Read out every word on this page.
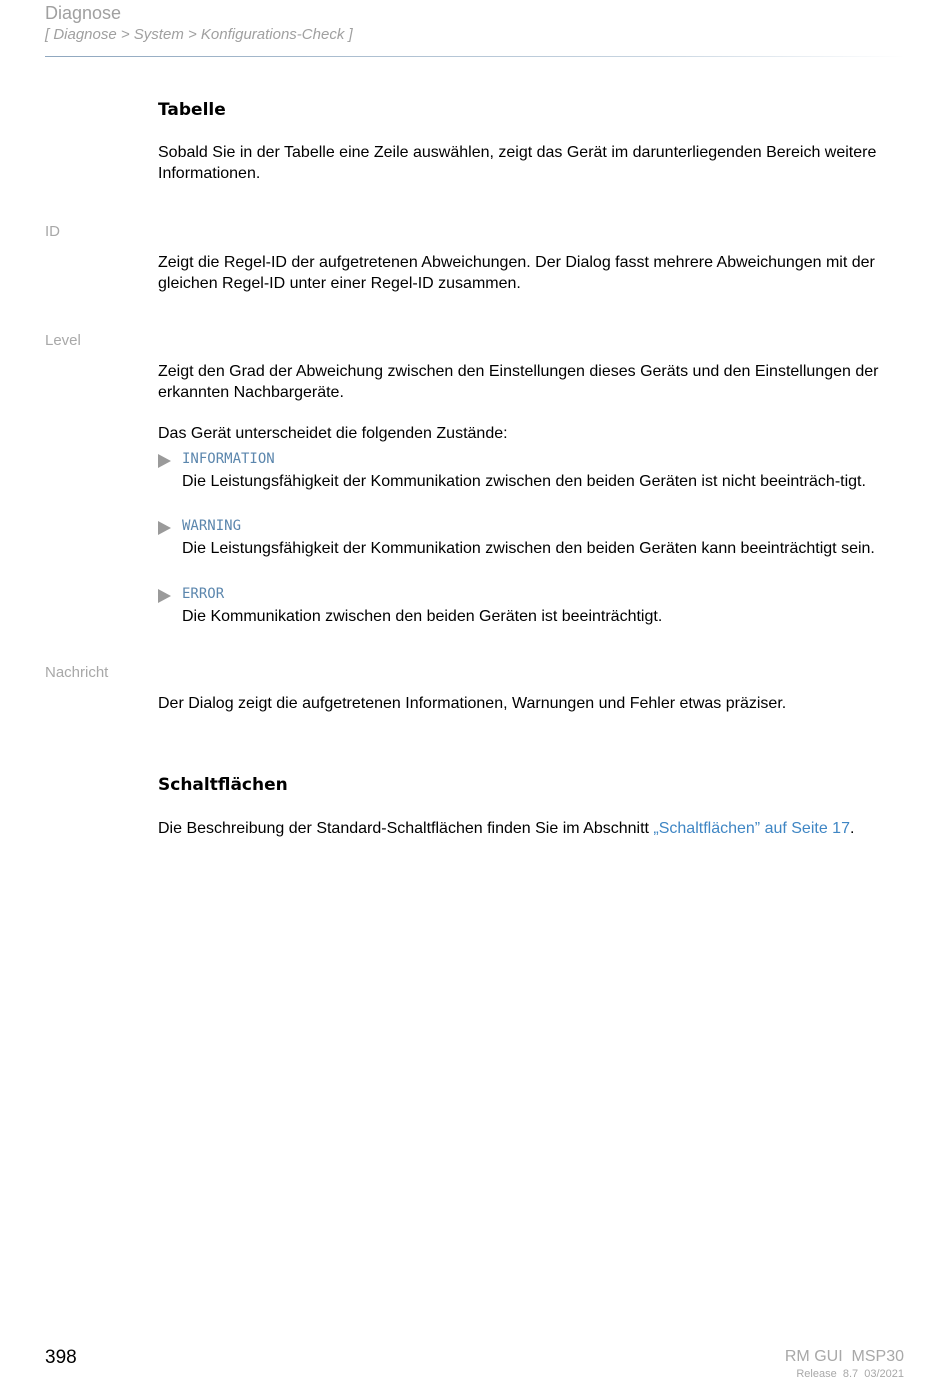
Diagnose
[ Diagnose > System > Konfigurations-Check ]
Tabelle
Sobald Sie in der Tabelle eine Zeile auswählen, zeigt das Gerät im darunterliegenden Bereich weitere Informationen.
ID
Zeigt die Regel-ID der aufgetretenen Abweichungen. Der Dialog fasst mehrere Abweichungen mit der gleichen Regel-ID unter einer Regel-ID zusammen.
Level
Zeigt den Grad der Abweichung zwischen den Einstellungen dieses Geräts und den Einstellungen der erkannten Nachbargeräte.
Das Gerät unterscheidet die folgenden Zustände:
INFORMATION
Die Leistungsfähigkeit der Kommunikation zwischen den beiden Geräten ist nicht beeinträch-tigt.
WARNING
Die Leistungsfähigkeit der Kommunikation zwischen den beiden Geräten kann beeinträchtigt sein.
ERROR
Die Kommunikation zwischen den beiden Geräten ist beeinträchtigt.
Nachricht
Der Dialog zeigt die aufgetretenen Informationen, Warnungen und Fehler etwas präziser.
Schaltflächen
Die Beschreibung der Standard-Schaltflächen finden Sie im Abschnitt „Schaltflächen” auf Seite 17.
398	RM GUI  MSP30
Release  8.7  03/2021
